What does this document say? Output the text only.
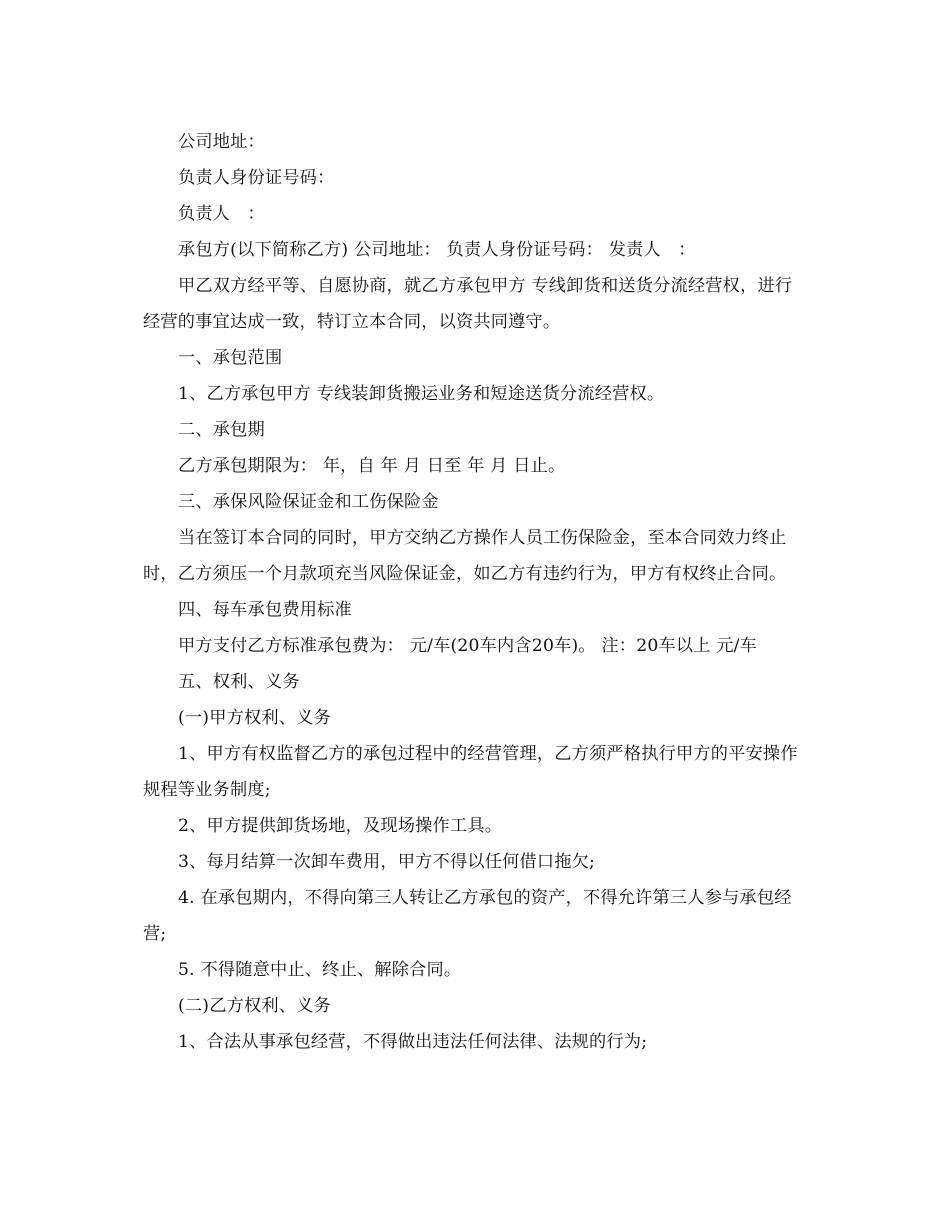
公司地址：

负责人身份证号码：

负责人　：

承包方(以下简称乙方) 公司地址： 负责人身份证号码： 发责人　：

甲乙双方经平等、自愿协商，就乙方承包甲方 专线卸货和送货分流经营权，进行经营的事宜达成一致，特订立本合同，以资共同遵守。

一、承包范围

1、乙方承包甲方 专线装卸货搬运业务和短途送货分流经营权。

二、承包期

乙方承包期限为： 年，自 年 月 日至 年 月 日止。

三、承保风险保证金和工伤保险金

当在签订本合同的同时，甲方交纳乙方操作人员工伤保险金，至本合同效力终止时，乙方须压一个月款项充当风险保证金，如乙方有违约行为，甲方有权终止合同。

四、每车承包费用标准

甲方支付乙方标准承包费为： 元/车(20车内含20车)。 注：20车以上 元/车

五、权利、义务

(一)甲方权利、义务

1、甲方有权监督乙方的承包过程中的经营管理，乙方须严格执行甲方的平安操作规程等业务制度;

2、甲方提供卸货场地，及现场操作工具。

3、每月结算一次卸车费用，甲方不得以任何借口拖欠;

4. 在承包期内，不得向第三人转让乙方承包的资产，不得允许第三人参与承包经营;

5. 不得随意中止、终止、解除合同。

(二)乙方权利、义务

1、合法从事承包经营，不得做出违法任何法律、法规的行为;
